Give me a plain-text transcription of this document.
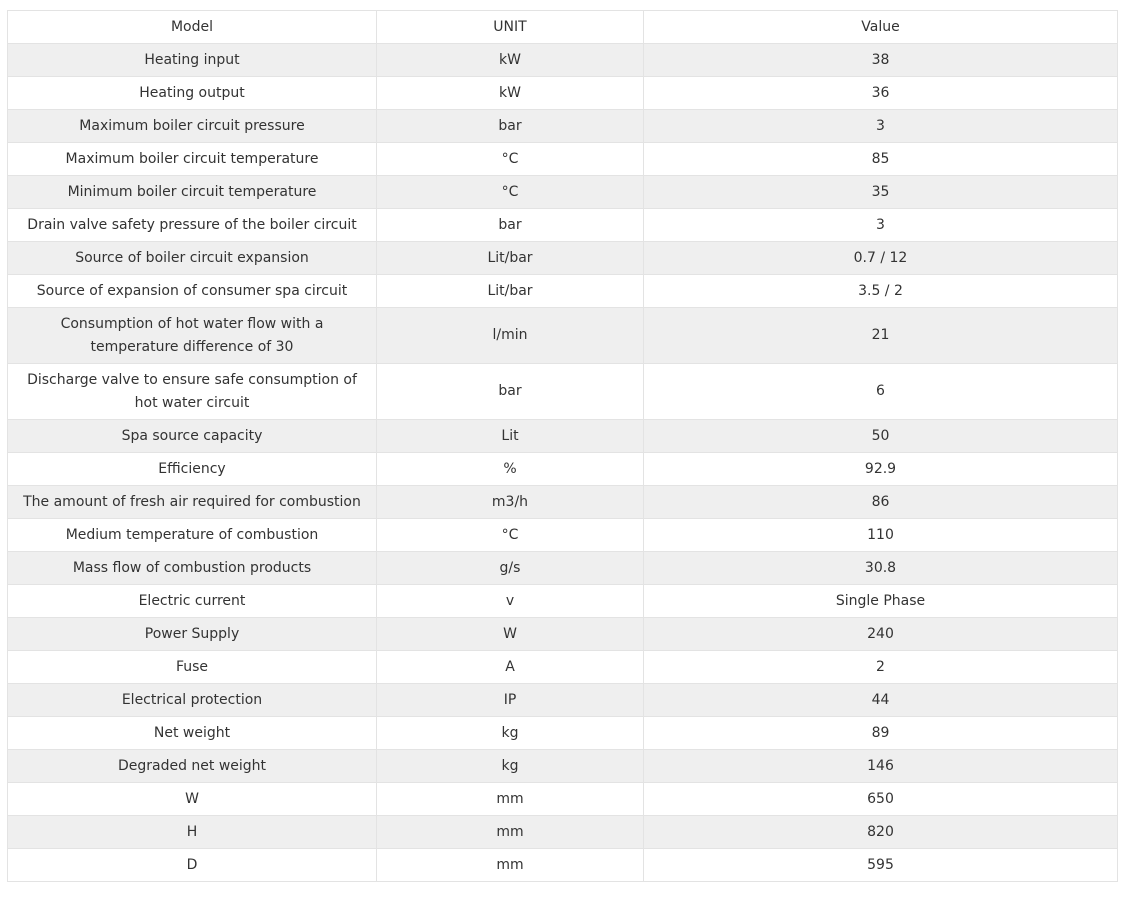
Model	UNIT	Value
Heating input	kW	38
Heating output	kW	36
Maximum boiler circuit pressure	bar	3
Maximum boiler circuit temperature	°C	85
Minimum boiler circuit temperature	°C	35
Drain valve safety pressure of the boiler circuit	bar	3
Source of boiler circuit expansion	Lit/bar	0.7 / 12
Source of expansion of consumer spa circuit	Lit/bar	3.5 / 2
Consumption of hot water flow with a temperature difference of 30	l/min	21
Discharge valve to ensure safe consumption of hot water circuit	bar	6
Spa source capacity	Lit	50
Efficiency	%	92.9
The amount of fresh air required for combustion	m3/h	86
Medium temperature of combustion	°C	110
Mass flow of combustion products	g/s	30.8
Electric current	v	Single Phase
Power Supply	W	240
Fuse	A	2
Electrical protection	IP	44
Net weight	kg	89
Degraded net weight	kg	146
W	mm	650
H	mm	820
D	mm	595
